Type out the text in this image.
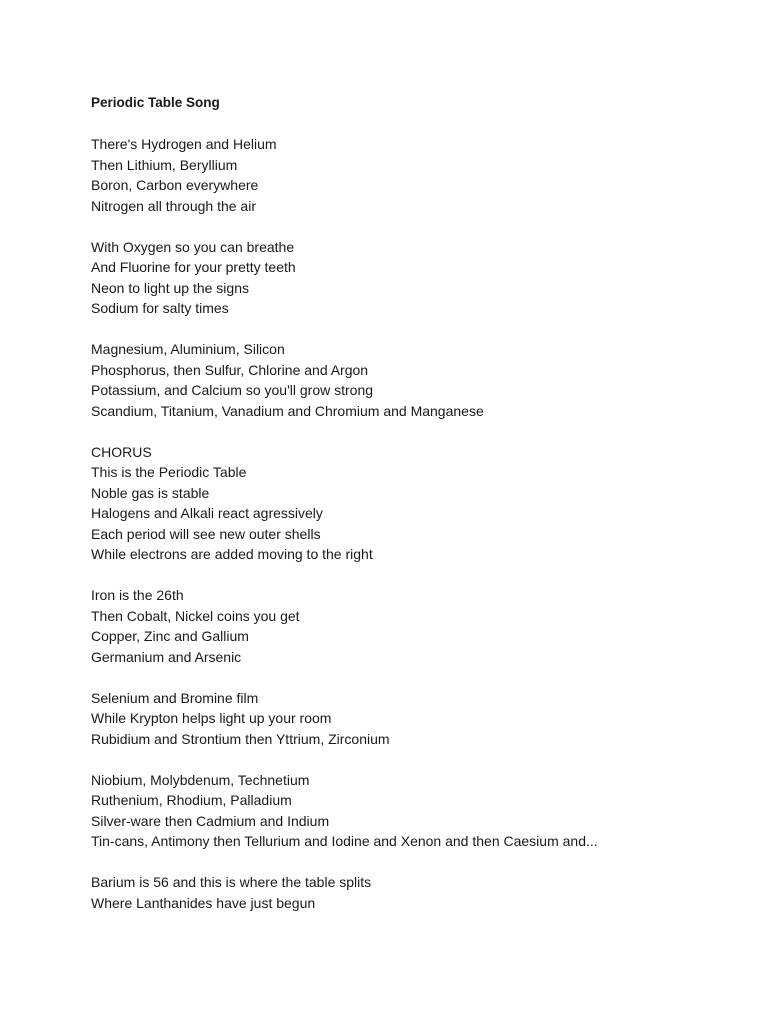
Periodic Table Song
There's Hydrogen and Helium
Then Lithium, Beryllium
Boron, Carbon everywhere
Nitrogen all through the air
With Oxygen so you can breathe
And Fluorine for your pretty teeth
Neon to light up the signs
Sodium for salty times
Magnesium, Aluminium, Silicon
Phosphorus, then Sulfur, Chlorine and Argon
Potassium, and Calcium so you'll grow strong
Scandium, Titanium, Vanadium and Chromium and Manganese
CHORUS
This is the Periodic Table
Noble gas is stable
Halogens and Alkali react agressively
Each period will see new outer shells
While electrons are added moving to the right
Iron is the 26th
Then Cobalt, Nickel coins you get
Copper, Zinc and Gallium
Germanium and Arsenic
Selenium and Bromine film
While Krypton helps light up your room
Rubidium and Strontium then Yttrium, Zirconium
Niobium, Molybdenum, Technetium
Ruthenium, Rhodium, Palladium
Silver-ware then Cadmium and Indium
Tin-cans, Antimony then Tellurium and Iodine and Xenon and then Caesium and...
Barium is 56 and this is where the table splits
Where Lanthanides have just begun
